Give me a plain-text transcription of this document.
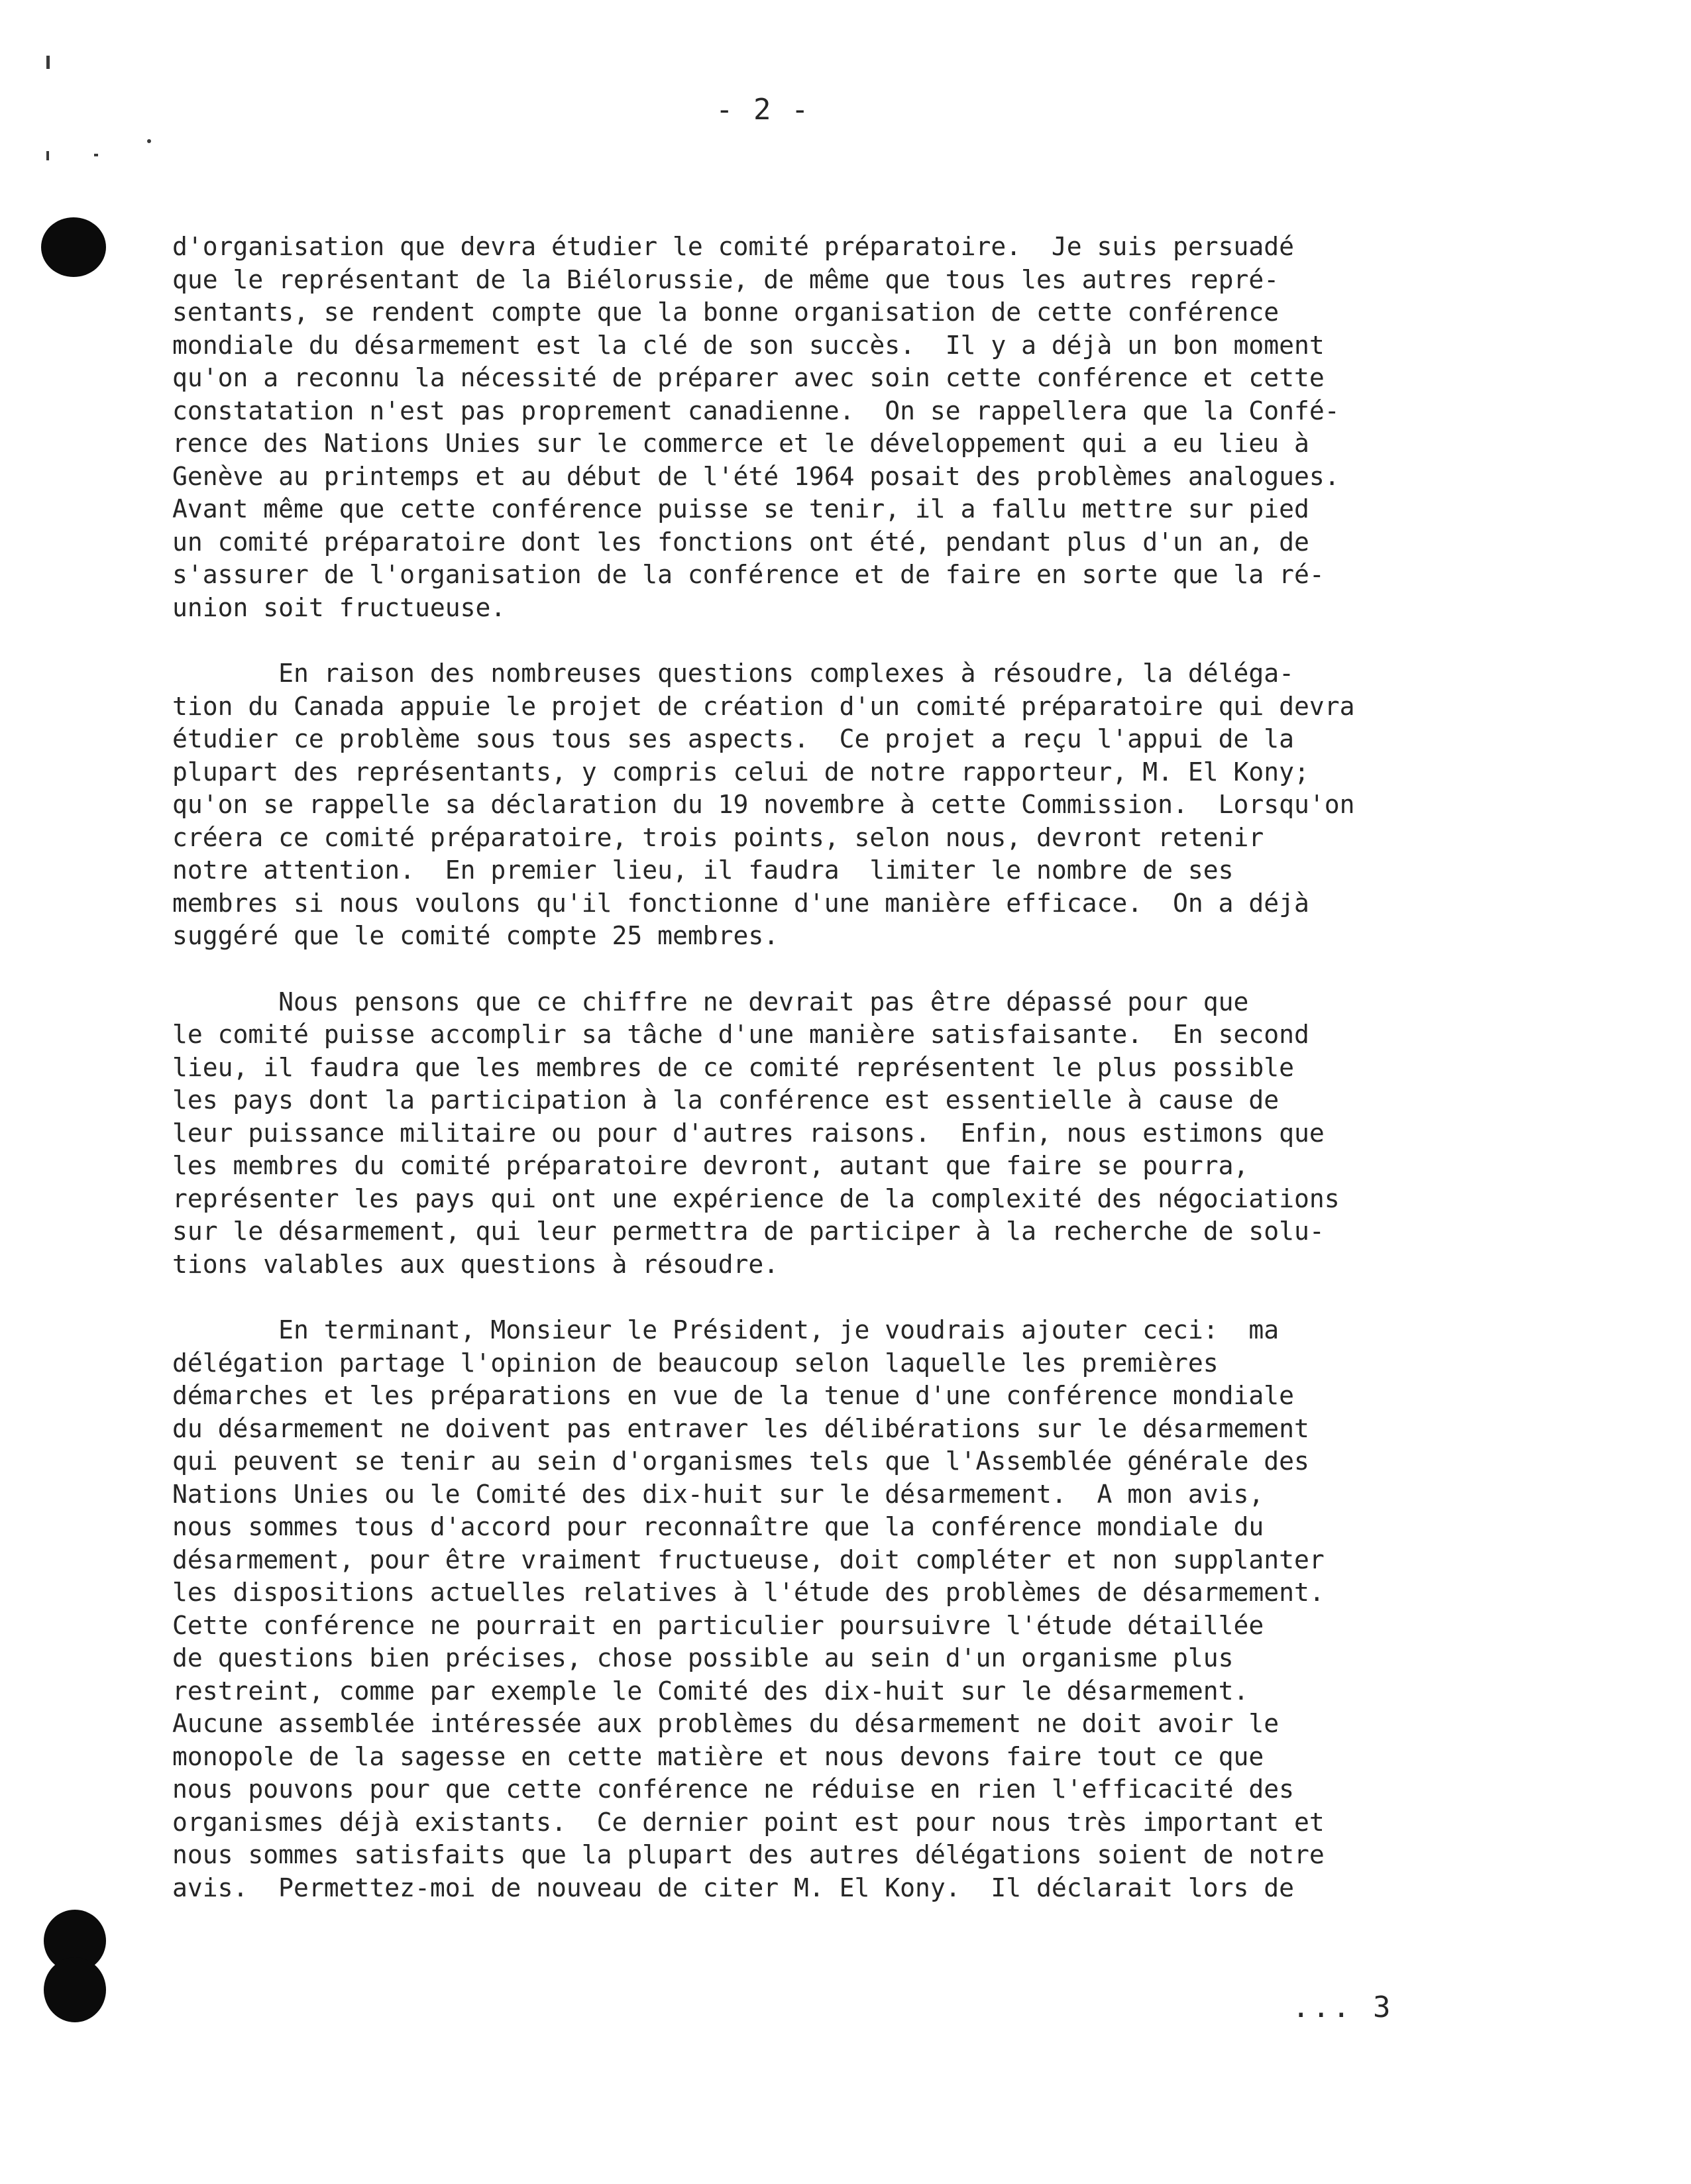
- 2 -
d'organisation que devra étudier le comité préparatoire.  Je suis persuadé
que le représentant de la Biélorussie, de même que tous les autres repré-
sentants, se rendent compte que la bonne organisation de cette conférence
mondiale du désarmement est la clé de son succès.  Il y a déjà un bon moment
qu'on a reconnu la nécessité de préparer avec soin cette conférence et cette
constatation n'est pas proprement canadienne.  On se rappellera que la Confé-
rence des Nations Unies sur le commerce et le développement qui a eu lieu à
Genève au printemps et au début de l'été 1964 posait des problèmes analogues.
Avant même que cette conférence puisse se tenir, il a fallu mettre sur pied
un comité préparatoire dont les fonctions ont été, pendant plus d'un an, de
s'assurer de l'organisation de la conférence et de faire en sorte que la ré-
union soit fructueuse.
En raison des nombreuses questions complexes à résoudre, la déléga-
tion du Canada appuie le projet de création d'un comité préparatoire qui devra
étudier ce problème sous tous ses aspects.  Ce projet a reçu l'appui de la
plupart des représentants, y compris celui de notre rapporteur, M. El Kony;
qu'on se rappelle sa déclaration du 19 novembre à cette Commission.  Lorsqu'on
créera ce comité préparatoire, trois points, selon nous, devront retenir
notre attention.  En premier lieu, il faudra  limiter le nombre de ses
membres si nous voulons qu'il fonctionne d'une manière efficace.  On a déjà
suggéré que le comité compte 25 membres.
Nous pensons que ce chiffre ne devrait pas être dépassé pour que
le comité puisse accomplir sa tâche d'une manière satisfaisante.  En second
lieu, il faudra que les membres de ce comité représentent le plus possible
les pays dont la participation à la conférence est essentielle à cause de
leur puissance militaire ou pour d'autres raisons.  Enfin, nous estimons que
les membres du comité préparatoire devront, autant que faire se pourra,
représenter les pays qui ont une expérience de la complexité des négociations
sur le désarmement, qui leur permettra de participer à la recherche de solu-
tions valables aux questions à résoudre.
En terminant, Monsieur le Président, je voudrais ajouter ceci:  ma
délégation partage l'opinion de beaucoup selon laquelle les premières
démarches et les préparations en vue de la tenue d'une conférence mondiale
du désarmement ne doivent pas entraver les délibérations sur le désarmement
qui peuvent se tenir au sein d'organismes tels que l'Assemblée générale des
Nations Unies ou le Comité des dix-huit sur le désarmement.  A mon avis,
nous sommes tous d'accord pour reconnaître que la conférence mondiale du
désarmement, pour être vraiment fructueuse, doit compléter et non supplanter
les dispositions actuelles relatives à l'étude des problèmes de désarmement.
Cette conférence ne pourrait en particulier poursuivre l'étude détaillée
de questions bien précises, chose possible au sein d'un organisme plus
restreint, comme par exemple le Comité des dix-huit sur le désarmement.
Aucune assemblée intéressée aux problèmes du désarmement ne doit avoir le
monopole de la sagesse en cette matière et nous devons faire tout ce que
nous pouvons pour que cette conférence ne réduise en rien l'efficacité des
organismes déjà existants.  Ce dernier point est pour nous très important et
nous sommes satisfaits que la plupart des autres délégations soient de notre
avis.  Permettez-moi de nouveau de citer M. El Kony.  Il déclarait lors de
... 3
